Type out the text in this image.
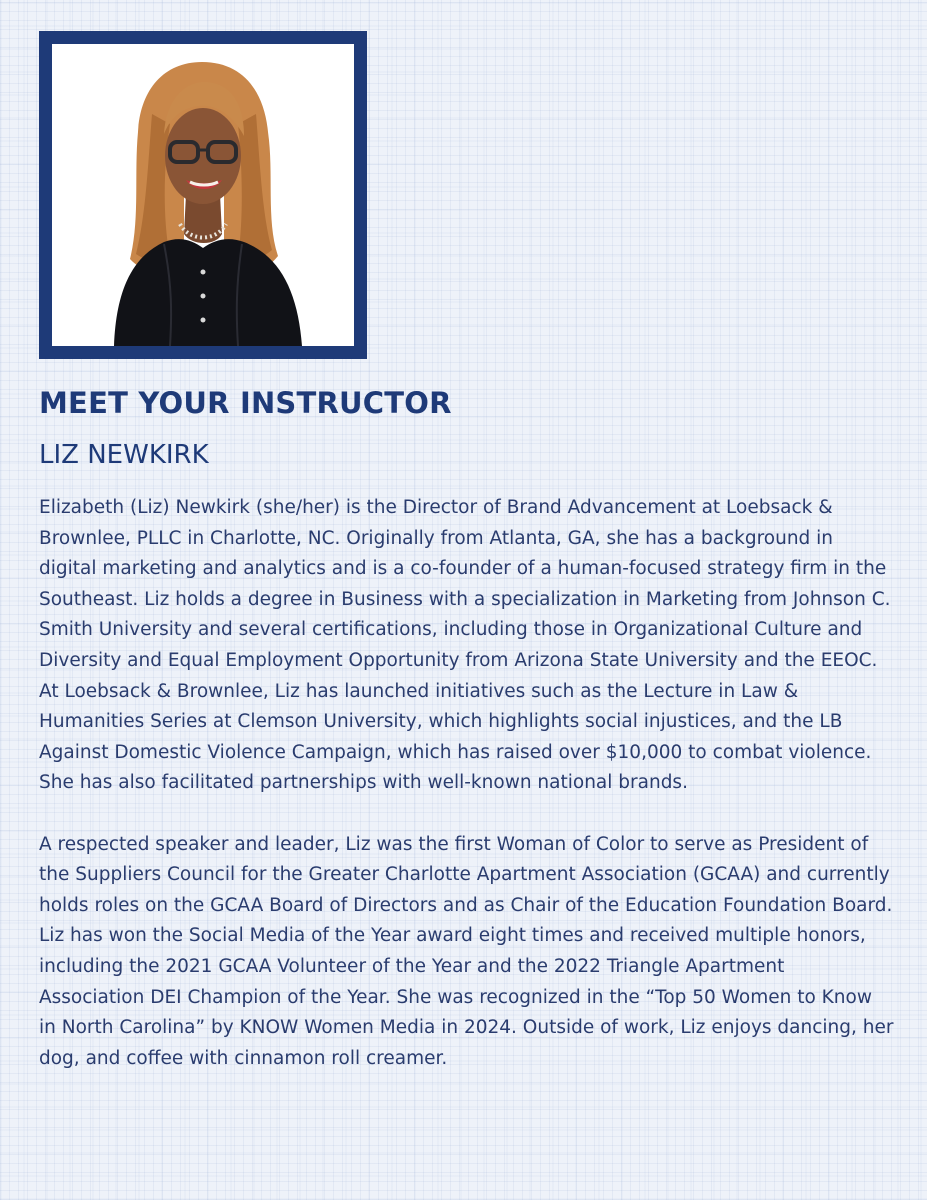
MEET YOUR INSTRUCTOR
LIZ NEWKIRK

Elizabeth (Liz) Newkirk (she/her) is the Director of Brand Advancement at Loebsack & Brownlee, PLLC in Charlotte, NC. Originally from Atlanta, GA, she has a background in digital marketing and analytics and is a co-founder of a human-focused strategy firm in the Southeast. Liz holds a degree in Business with a specialization in Marketing from Johnson C. Smith University and several certifications, including those in Organizational Culture and Diversity and Equal Employment Opportunity from Arizona State University and the EEOC. At Loebsack & Brownlee, Liz has launched initiatives such as the Lecture in Law & Humanities Series at Clemson University, which highlights social injustices, and the LB Against Domestic Violence Campaign, which has raised over $10,000 to combat violence. She has also facilitated partnerships with well-known national brands.

A respected speaker and leader, Liz was the first Woman of Color to serve as President of the Suppliers Council for the Greater Charlotte Apartment Association (GCAA) and currently holds roles on the GCAA Board of Directors and as Chair of the Education Foundation Board. Liz has won the Social Media of the Year award eight times and received multiple honors, including the 2021 GCAA Volunteer of the Year and the 2022 Triangle Apartment Association DEI Champion of the Year. She was recognized in the “Top 50 Women to Know in North Carolina” by KNOW Women Media in 2024. Outside of work, Liz enjoys dancing, her dog, and coffee with cinnamon roll creamer.
